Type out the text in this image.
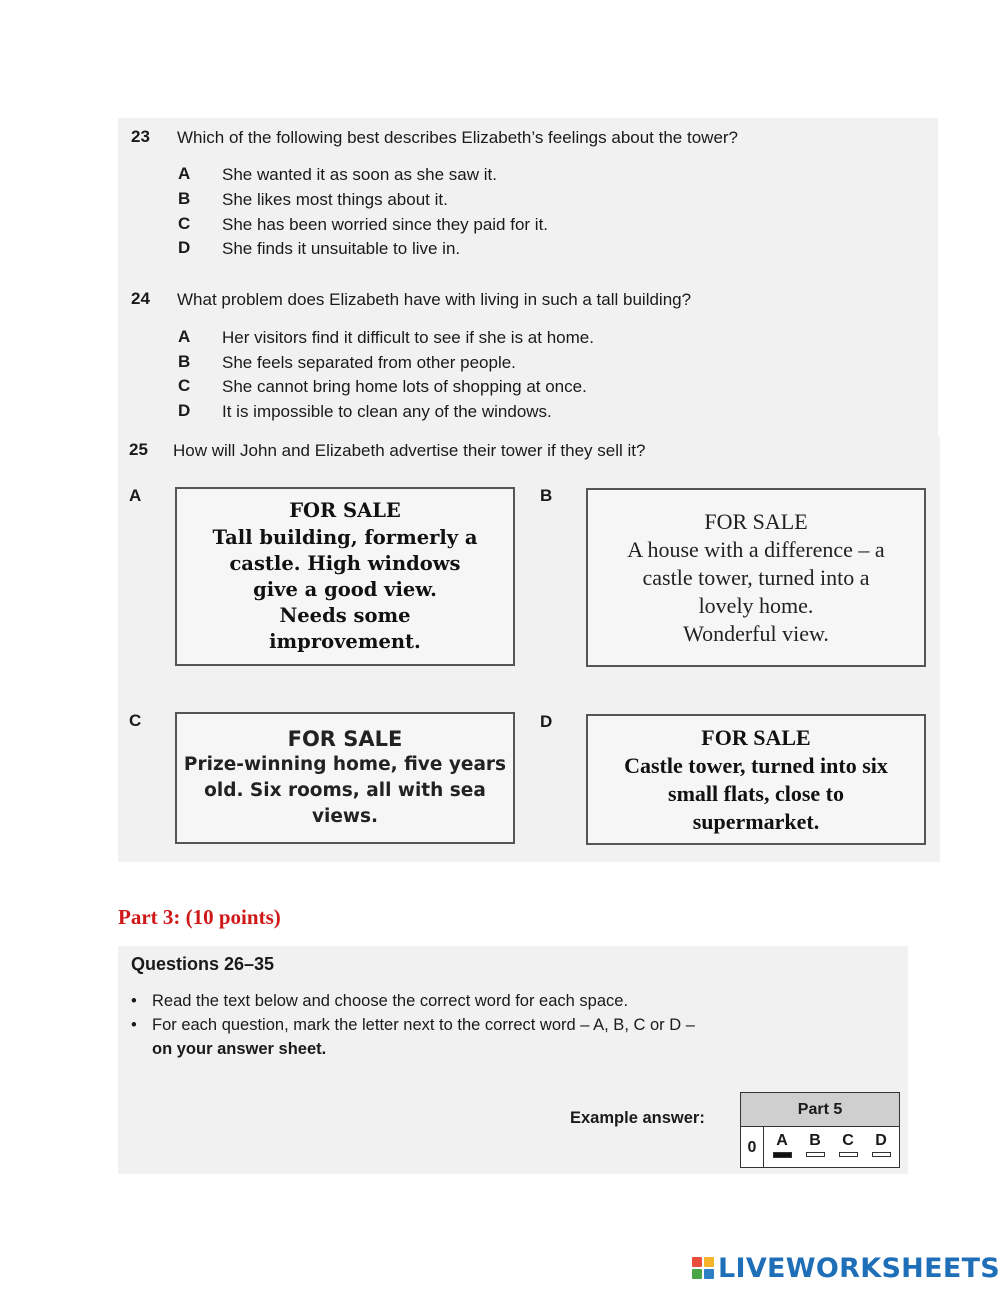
23 Which of the following best describes Elizabeth’s feelings about the tower?
A She wanted it as soon as she saw it.
B She likes most things about it.
C She has been worried since they paid for it.
D She finds it unsuitable to live in.
24 What problem does Elizabeth have with living in such a tall building?
A Her visitors find it difficult to see if she is at home.
B She feels separated from other people.
C She cannot bring home lots of shopping at once.
D It is impossible to clean any of the windows.
25 How will John and Elizabeth advertise their tower if they sell it?
A
FOR SALE
Tall building, formerly a
castle. High windows
give a good view.
Needs some
improvement.
B
FOR SALE
A house with a difference – a
castle tower, turned into a
lovely home.
Wonderful view.
C
FOR SALE
Prize-winning home, five years
old. Six rooms, all with sea
views.
D
FOR SALE
Castle tower, turned into six
small flats, close to
supermarket.
Part 3: (10 points)
Questions 26–35
• Read the text below and choose the correct word for each space.
• For each question, mark the letter next to the correct word – A, B, C or D –
on your answer sheet.
Example answer:	Part 5
0	A	B	C	D
LIVEWORKSHEETS
